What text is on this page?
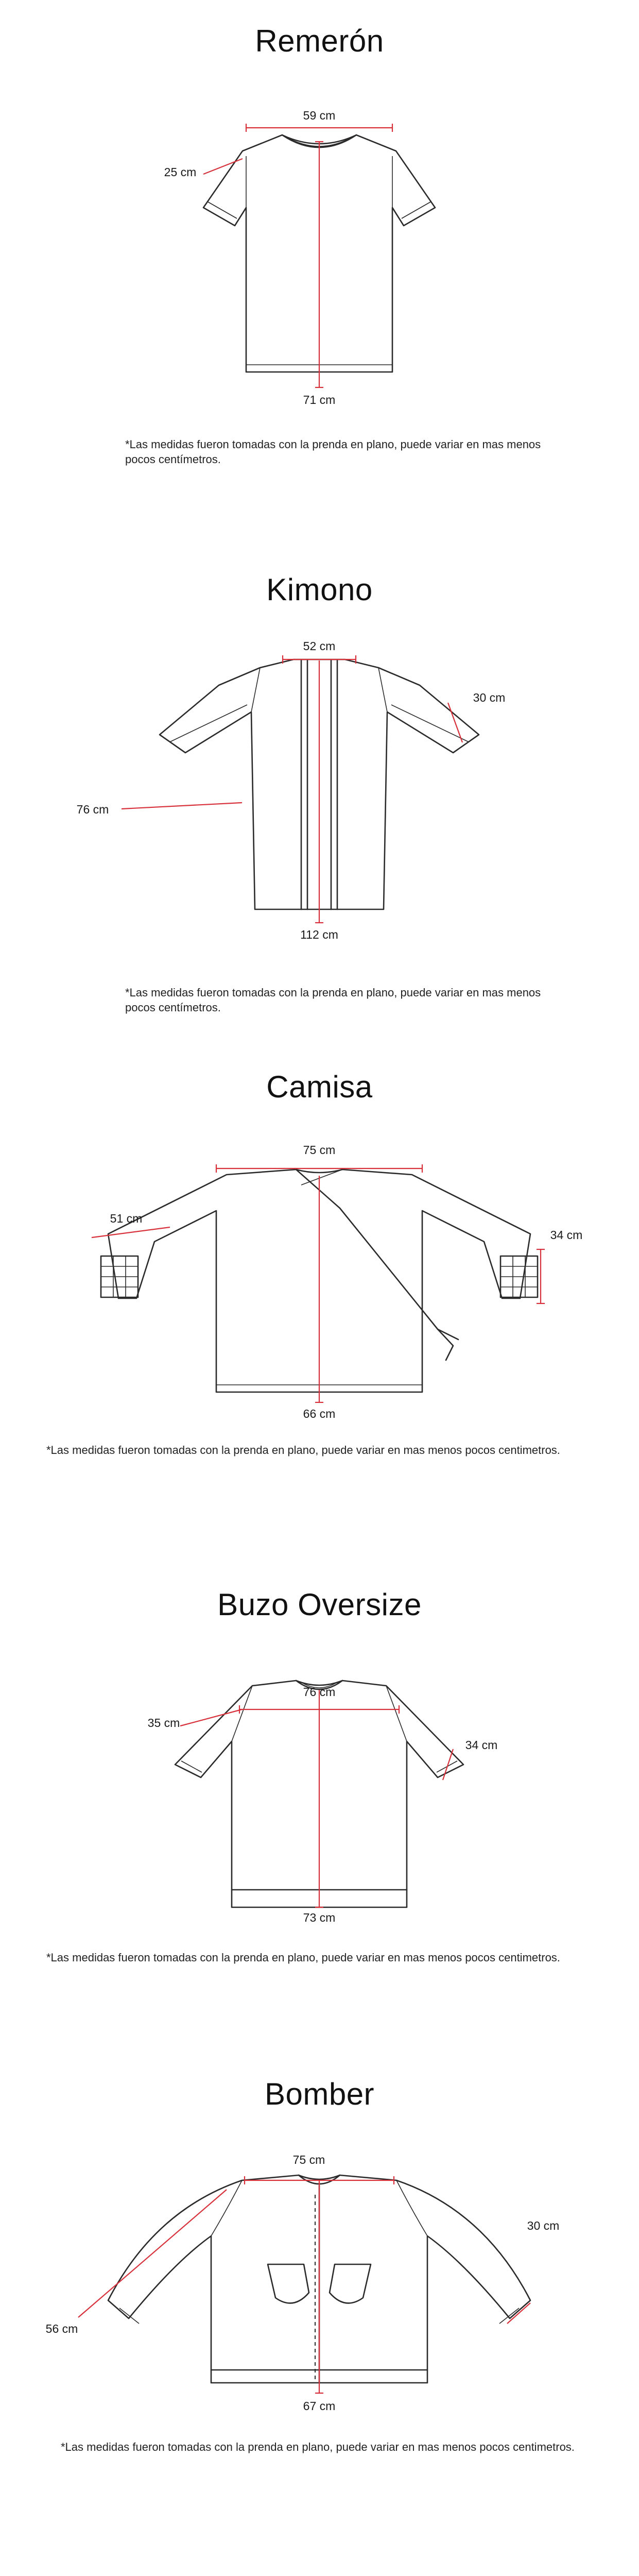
Remerón
59 cm
25 cm
71 cm
*Las medidas fueron tomadas con la prenda en plano, puede variar en mas menos pocos centímetros.
Kimono
52 cm
30 cm
76 cm
112 cm
*Las medidas fueron tomadas con la prenda en plano, puede variar en mas menos pocos centímetros.
Camisa
75 cm
51 cm
34 cm
66 cm
*Las medidas fueron tomadas con la prenda en plano, puede variar en mas menos pocos centimetros.
Buzo Oversize
76 cm
35 cm
34 cm
73 cm
*Las medidas fueron tomadas con la prenda en plano, puede variar en mas menos pocos centimetros.
Bomber
75 cm
56 cm
30 cm
67 cm
*Las medidas fueron tomadas con la prenda en plano, puede variar en mas menos pocos centimetros.
